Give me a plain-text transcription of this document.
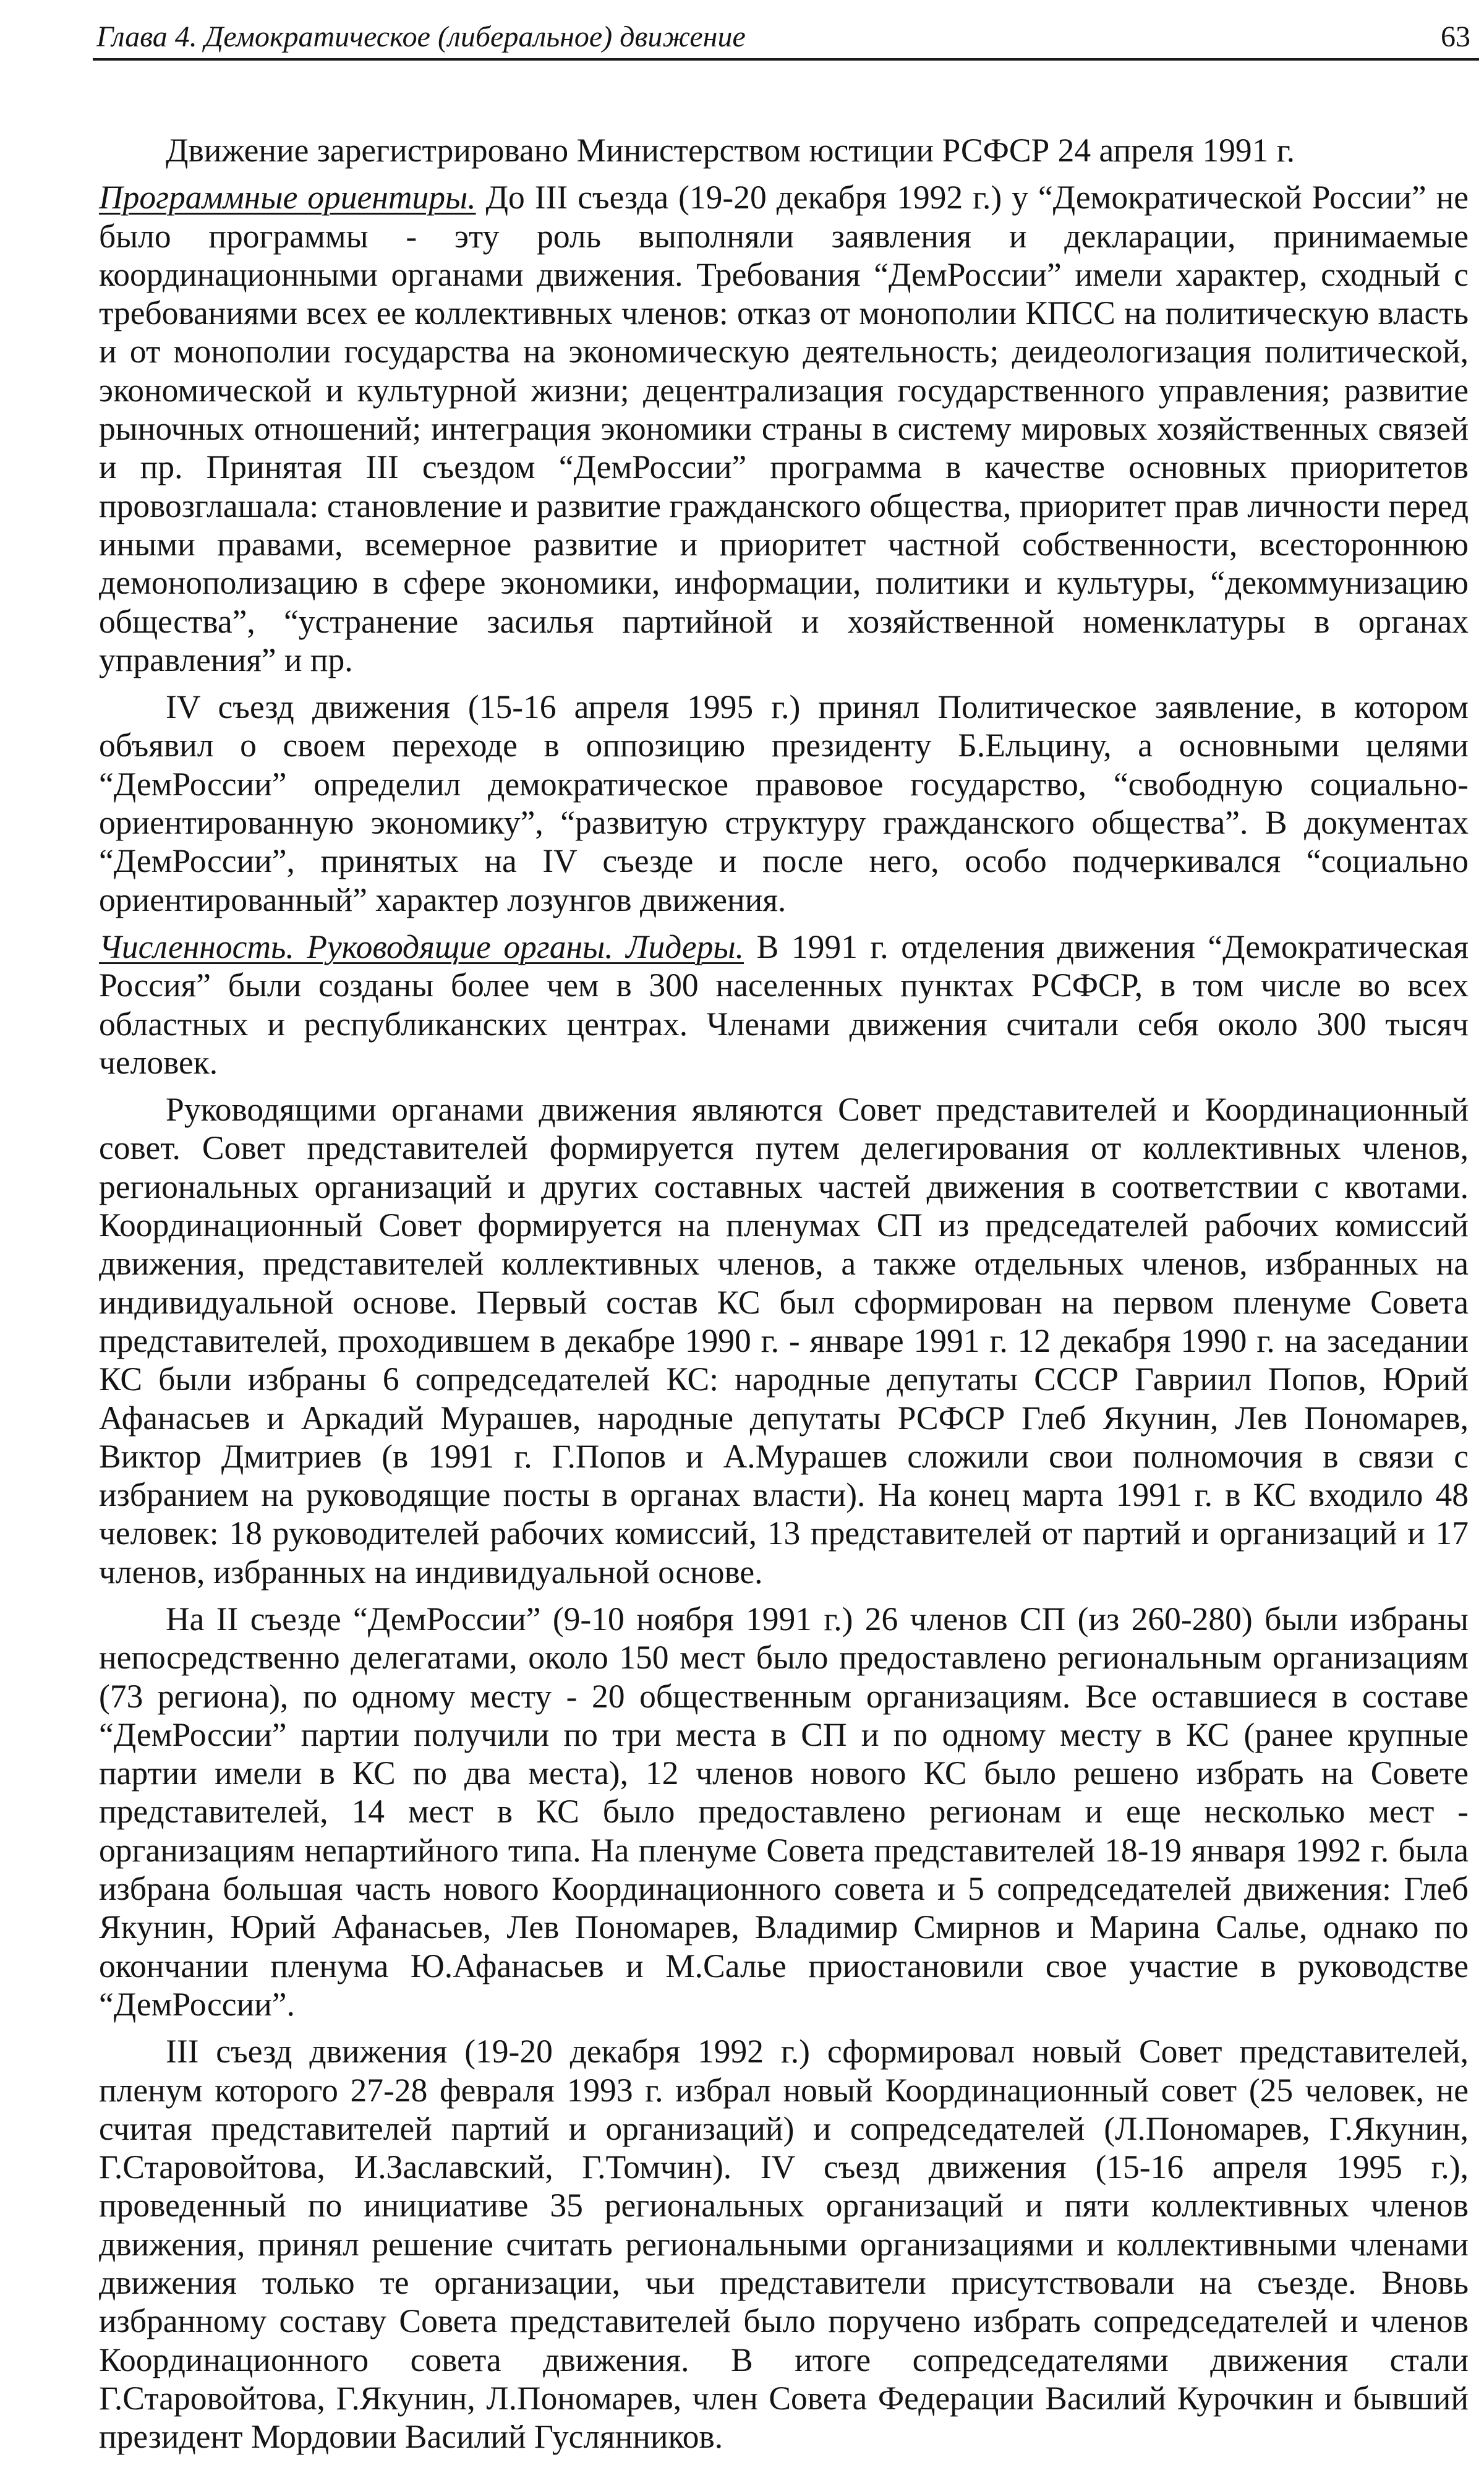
Глава 4. Демократическое (либеральное) движение	63

Движение зарегистрировано Министерством юстиции РСФСР 24 апреля 1991 г.

Программные ориентиры. До III съезда (19-20 декабря 1992 г.) у “Демократической России” не было программы - эту роль выполняли заявления и декларации, принимаемые координационными органами движения. Требования “ДемРоссии” имели характер, сходный с требованиями всех ее коллективных членов: отказ от монополии КПСС на политическую власть и от монополии государства на экономическую деятельность; деидеологизация политической, экономической и культурной жизни; децентрализация государственного управления; развитие рыночных отношений; интеграция экономики страны в систему мировых хозяйственных связей и пр. Принятая III съездом “ДемРоссии” программа в качестве основных приоритетов провозглашала: становление и развитие гражданского общества, приоритет прав личности перед иными правами, всемерное развитие и приоритет частной собственности, всестороннюю демонополизацию в сфере экономики, информации, политики и культуры, “декоммунизацию общества”, “устранение засилья партийной и хозяйственной номенклатуры в органах управления” и пр.

IV съезд движения (15-16 апреля 1995 г.) принял Политическое заявление, в котором объявил о своем переходе в оппозицию президенту Б.Ельцину, а основными целями “ДемРоссии” определил демократическое правовое государство, “свободную социально-ориентированную экономику”, “развитую структуру гражданского общества”. В документах “ДемРоссии”, принятых на IV съезде и после него, особо подчеркивался “социально ориентированный” характер лозунгов движения.

Численность. Руководящие органы. Лидеры. В 1991 г. отделения движения “Демократическая Россия” были созданы более чем в 300 населенных пунктах РСФСР, в том числе во всех областных и республиканских центрах. Членами движения считали себя около 300 тысяч человек.

Руководящими органами движения являются Совет представителей и Координационный совет. Совет представителей формируется путем делегирования от коллективных членов, региональных организаций и других составных частей движения в соответствии с квотами. Координационный Совет формируется на пленумах СП из председателей рабочих комиссий движения, представителей коллективных членов, а также отдельных членов, избранных на индивидуальной основе. Первый состав КС был сформирован на первом пленуме Совета представителей, проходившем в декабре 1990 г. - январе 1991 г. 12 декабря 1990 г. на заседании КС были избраны 6 сопредседателей КС: народные депутаты СССР Гавриил Попов, Юрий Афанасьев и Аркадий Мурашев, народные депутаты РСФСР Глеб Якунин, Лев Пономарев, Виктор Дмитриев (в 1991 г. Г.Попов и А.Мурашев сложили свои полномочия в связи с избранием на руководящие посты в органах власти). На конец марта 1991 г. в КС входило 48 человек: 18 руководителей рабочих комиссий, 13 представителей от партий и организаций и 17 членов, избранных на индивидуальной основе.

На II съезде “ДемРоссии” (9-10 ноября 1991 г.) 26 членов СП (из 260-280) были избраны непосредственно делегатами, около 150 мест было предоставлено региональным организациям (73 региона), по одному месту - 20 общественным организациям. Все оставшиеся в составе “ДемРоссии” партии получили по три места в СП и по одному месту в КС (ранее крупные партии имели в КС по два места), 12 членов нового КС было решено избрать на Совете представителей, 14 мест в КС было предоставлено регионам и еще несколько мест - организациям непартийного типа. На пленуме Совета представителей 18-19 января 1992 г. была избрана большая часть нового Координационного совета и 5 сопредседателей движения: Глеб Якунин, Юрий Афанасьев, Лев Пономарев, Владимир Смирнов и Марина Салье, однако по окончании пленума Ю.Афанасьев и М.Салье приостановили свое участие в руководстве “ДемРоссии”.

III съезд движения (19-20 декабря 1992 г.) сформировал новый Совет представителей, пленум которого 27-28 февраля 1993 г. избрал новый Координационный совет (25 человек, не считая представителей партий и организаций) и сопредседателей (Л.Пономарев, Г.Якунин, Г.Старовойтова, И.Заславский, Г.Томчин). IV съезд движения (15-16 апреля 1995 г.), проведенный по инициативе 35 региональных организаций и пяти коллективных членов движения, принял решение считать региональными организациями и коллективными членами движения только те организации, чьи представители присутствовали на съезде. Вновь избранному составу Совета представителей было поручено избрать сопредседателей и членов Координационного совета движения. В итоге сопредседателями движения стали Г.Старовойтова, Г.Якунин, Л.Пономарев, член Совета Федерации Василий Курочкин и бывший президент Мордовии Василий Гуслянников.
